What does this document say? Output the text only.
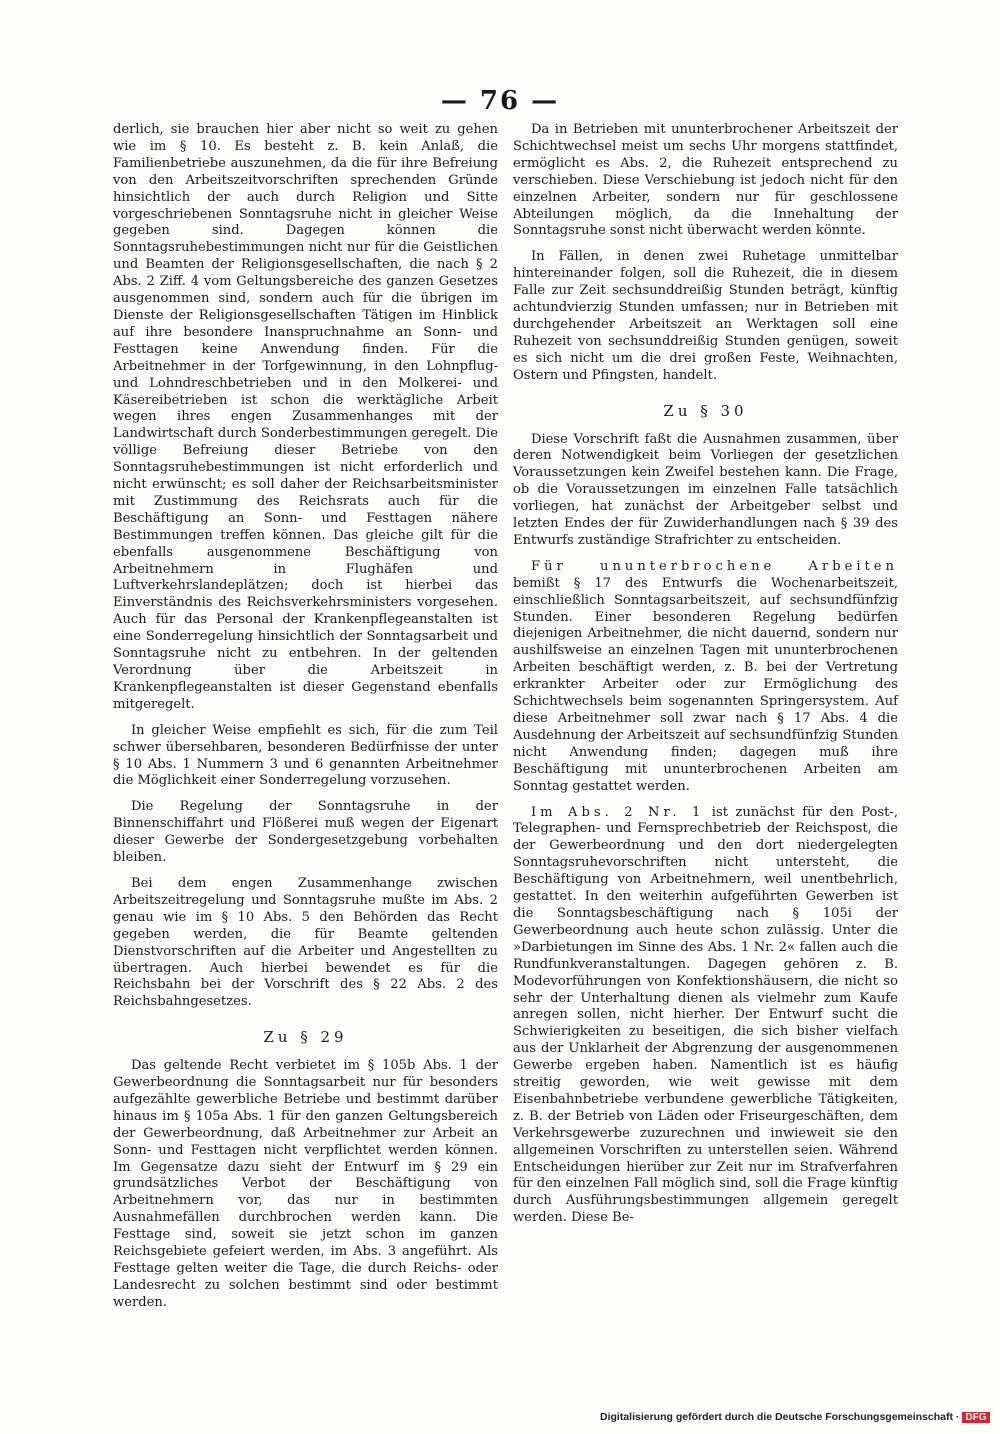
— 76 —

derlich, sie brauchen hier aber nicht so weit zu gehen wie im § 10. Es besteht z. B. kein Anlaß, die Familienbetriebe auszunehmen, da die für ihre Befreiung von den Arbeitszeitvorschriften sprechenden Gründe hinsichtlich der auch durch Religion und Sitte vorgeschriebenen Sonntagsruhe nicht in gleicher Weise gegeben sind. Dagegen können die Sonntagsruhebestimmungen nicht nur für die Geistlichen und Beamten der Religionsgesellschaften, die nach § 2 Abs. 2 Ziff. 4 vom Geltungsbereiche des ganzen Gesetzes ausgenommen sind, sondern auch für die übrigen im Dienste der Religionsgesellschaften Tätigen im Hinblick auf ihre besondere Inanspruchnahme an Sonn- und Festtagen keine Anwendung finden. Für die Arbeitnehmer in der Torfgewinnung, in den Lohnpflug- und Lohndreschbetrieben und in den Molkerei- und Käsereibetrieben ist schon die werktägliche Arbeit wegen ihres engen Zusammenhanges mit der Landwirtschaft durch Sonderbestimmungen geregelt. Die völlige Befreiung dieser Betriebe von den Sonntagsruhebestimmungen ist nicht erforderlich und nicht erwünscht; es soll daher der Reichsarbeitsminister mit Zustimmung des Reichsrats auch für die Beschäftigung an Sonn- und Festtagen nähere Bestimmungen treffen können. Das gleiche gilt für die ebenfalls ausgenommene Beschäftigung von Arbeitnehmern in Flughäfen und Luftverkehrslandeplätzen; doch ist hierbei das Einverständnis des Reichsverkehrsministers vorgesehen. Auch für das Personal der Krankenpflegeanstalten ist eine Sonderregelung hinsichtlich der Sonntagsarbeit und Sonntagsruhe nicht zu entbehren. In der geltenden Verordnung über die Arbeitszeit in Krankenpflegeanstalten ist dieser Gegenstand ebenfalls mitgeregelt.

In gleicher Weise empfiehlt es sich, für die zum Teil schwer übersehbaren, besonderen Bedürfnisse der unter § 10 Abs. 1 Nummern 3 und 6 genannten Arbeitnehmer die Möglichkeit einer Sonderregelung vorzusehen.

Die Regelung der Sonntagsruhe in der Binnenschiffahrt und Flößerei muß wegen der Eigenart dieser Gewerbe der Sondergesetzgebung vorbehalten bleiben.

Bei dem engen Zusammenhange zwischen Arbeitszeitregelung und Sonntagsruhe mußte im Abs. 2 genau wie im § 10 Abs. 5 den Behörden das Recht gegeben werden, die für Beamte geltenden Dienstvorschriften auf die Arbeiter und Angestellten zu übertragen. Auch hierbei bewendet es für die Reichsbahn bei der Vorschrift des § 22 Abs. 2 des Reichsbahngesetzes.

Zu § 29

Das geltende Recht verbietet im § 105b Abs. 1 der Gewerbeordnung die Sonntagsarbeit nur für besonders aufgezählte gewerbliche Betriebe und bestimmt darüber hinaus im § 105a Abs. 1 für den ganzen Geltungsbereich der Gewerbeordnung, daß Arbeitnehmer zur Arbeit an Sonn- und Festtagen nicht verpflichtet werden können. Im Gegensatze dazu sieht der Entwurf im § 29 ein grundsätzliches Verbot der Beschäftigung von Arbeitnehmern vor, das nur in bestimmten Ausnahmefällen durchbrochen werden kann. Die Festtage sind, soweit sie jetzt schon im ganzen Reichsgebiete gefeiert werden, im Abs. 3 angeführt. Als Festtage gelten weiter die Tage, die durch Reichs- oder Landesrecht zu solchen bestimmt sind oder bestimmt werden.

Da in Betrieben mit ununterbrochener Arbeitszeit der Schichtwechsel meist um sechs Uhr morgens stattfindet, ermöglicht es Abs. 2, die Ruhezeit entsprechend zu verschieben. Diese Verschiebung ist jedoch nicht für den einzelnen Arbeiter, sondern nur für geschlossene Abteilungen möglich, da die Innehaltung der Sonntagsruhe sonst nicht überwacht werden könnte.

In Fällen, in denen zwei Ruhetage unmittelbar hintereinander folgen, soll die Ruhezeit, die in diesem Falle zur Zeit sechsunddreißig Stunden beträgt, künftig achtundvierzig Stunden umfassen; nur in Betrieben mit durchgehender Arbeitszeit an Werktagen soll eine Ruhezeit von sechsunddreißig Stunden genügen, soweit es sich nicht um die drei großen Feste, Weihnachten, Ostern und Pfingsten, handelt.

Zu § 30

Diese Vorschrift faßt die Ausnahmen zusammen, über deren Notwendigkeit beim Vorliegen der gesetzlichen Voraussetzungen kein Zweifel bestehen kann. Die Frage, ob die Voraussetzungen im einzelnen Falle tatsächlich vorliegen, hat zunächst der Arbeitgeber selbst und letzten Endes der für Zuwiderhandlungen nach § 39 des Entwurfs zuständige Strafrichter zu entscheiden.

Für ununterbrochene Arbeiten bemißt § 17 des Entwurfs die Wochenarbeitszeit, einschließlich Sonntagsarbeitszeit, auf sechsundfünfzig Stunden. Einer besonderen Regelung bedürfen diejenigen Arbeitnehmer, die nicht dauernd, sondern nur aushilfsweise an einzelnen Tagen mit ununterbrochenen Arbeiten beschäftigt werden, z. B. bei der Vertretung erkrankter Arbeiter oder zur Ermöglichung des Schichtwechsels beim sogenannten Springersystem. Auf diese Arbeitnehmer soll zwar nach § 17 Abs. 4 die Ausdehnung der Arbeitszeit auf sechsundfünfzig Stunden nicht Anwendung finden; dagegen muß ihre Beschäftigung mit ununterbrochenen Arbeiten am Sonntag gestattet werden.

Im Abs. 2 Nr. 1 ist zunächst für den Post-, Telegraphen- und Fernsprechbetrieb der Reichspost, die der Gewerbeordnung und den dort niedergelegten Sonntagsruhevorschriften nicht untersteht, die Beschäftigung von Arbeitnehmern, weil unentbehrlich, gestattet. In den weiterhin aufgeführten Gewerben ist die Sonntagsbeschäftigung nach § 105i der Gewerbeordnung auch heute schon zulässig. Unter die »Darbietungen im Sinne des Abs. 1 Nr. 2« fallen auch die Rundfunkveranstaltungen. Dagegen gehören z. B. Modevorführungen von Konfektionshäusern, die nicht so sehr der Unterhaltung dienen als vielmehr zum Kaufe anregen sollen, nicht hierher. Der Entwurf sucht die Schwierigkeiten zu beseitigen, die sich bisher vielfach aus der Unklarheit der Abgrenzung der ausgenommenen Gewerbe ergeben haben. Namentlich ist es häufig streitig geworden, wie weit gewisse mit dem Eisenbahnbetriebe verbundene gewerbliche Tätigkeiten, z. B. der Betrieb von Läden oder Friseurgeschäften, dem Verkehrsgewerbe zuzurechnen und inwieweit sie den allgemeinen Vorschriften zu unterstellen seien. Während Entscheidungen hierüber zur Zeit nur im Strafverfahren für den einzelnen Fall möglich sind, soll die Frage künftig durch Ausführungsbestimmungen allgemein geregelt werden. Diese Be-

Digitalisierung gefördert durch die Deutsche Forschungsgemeinschaft · DFG
